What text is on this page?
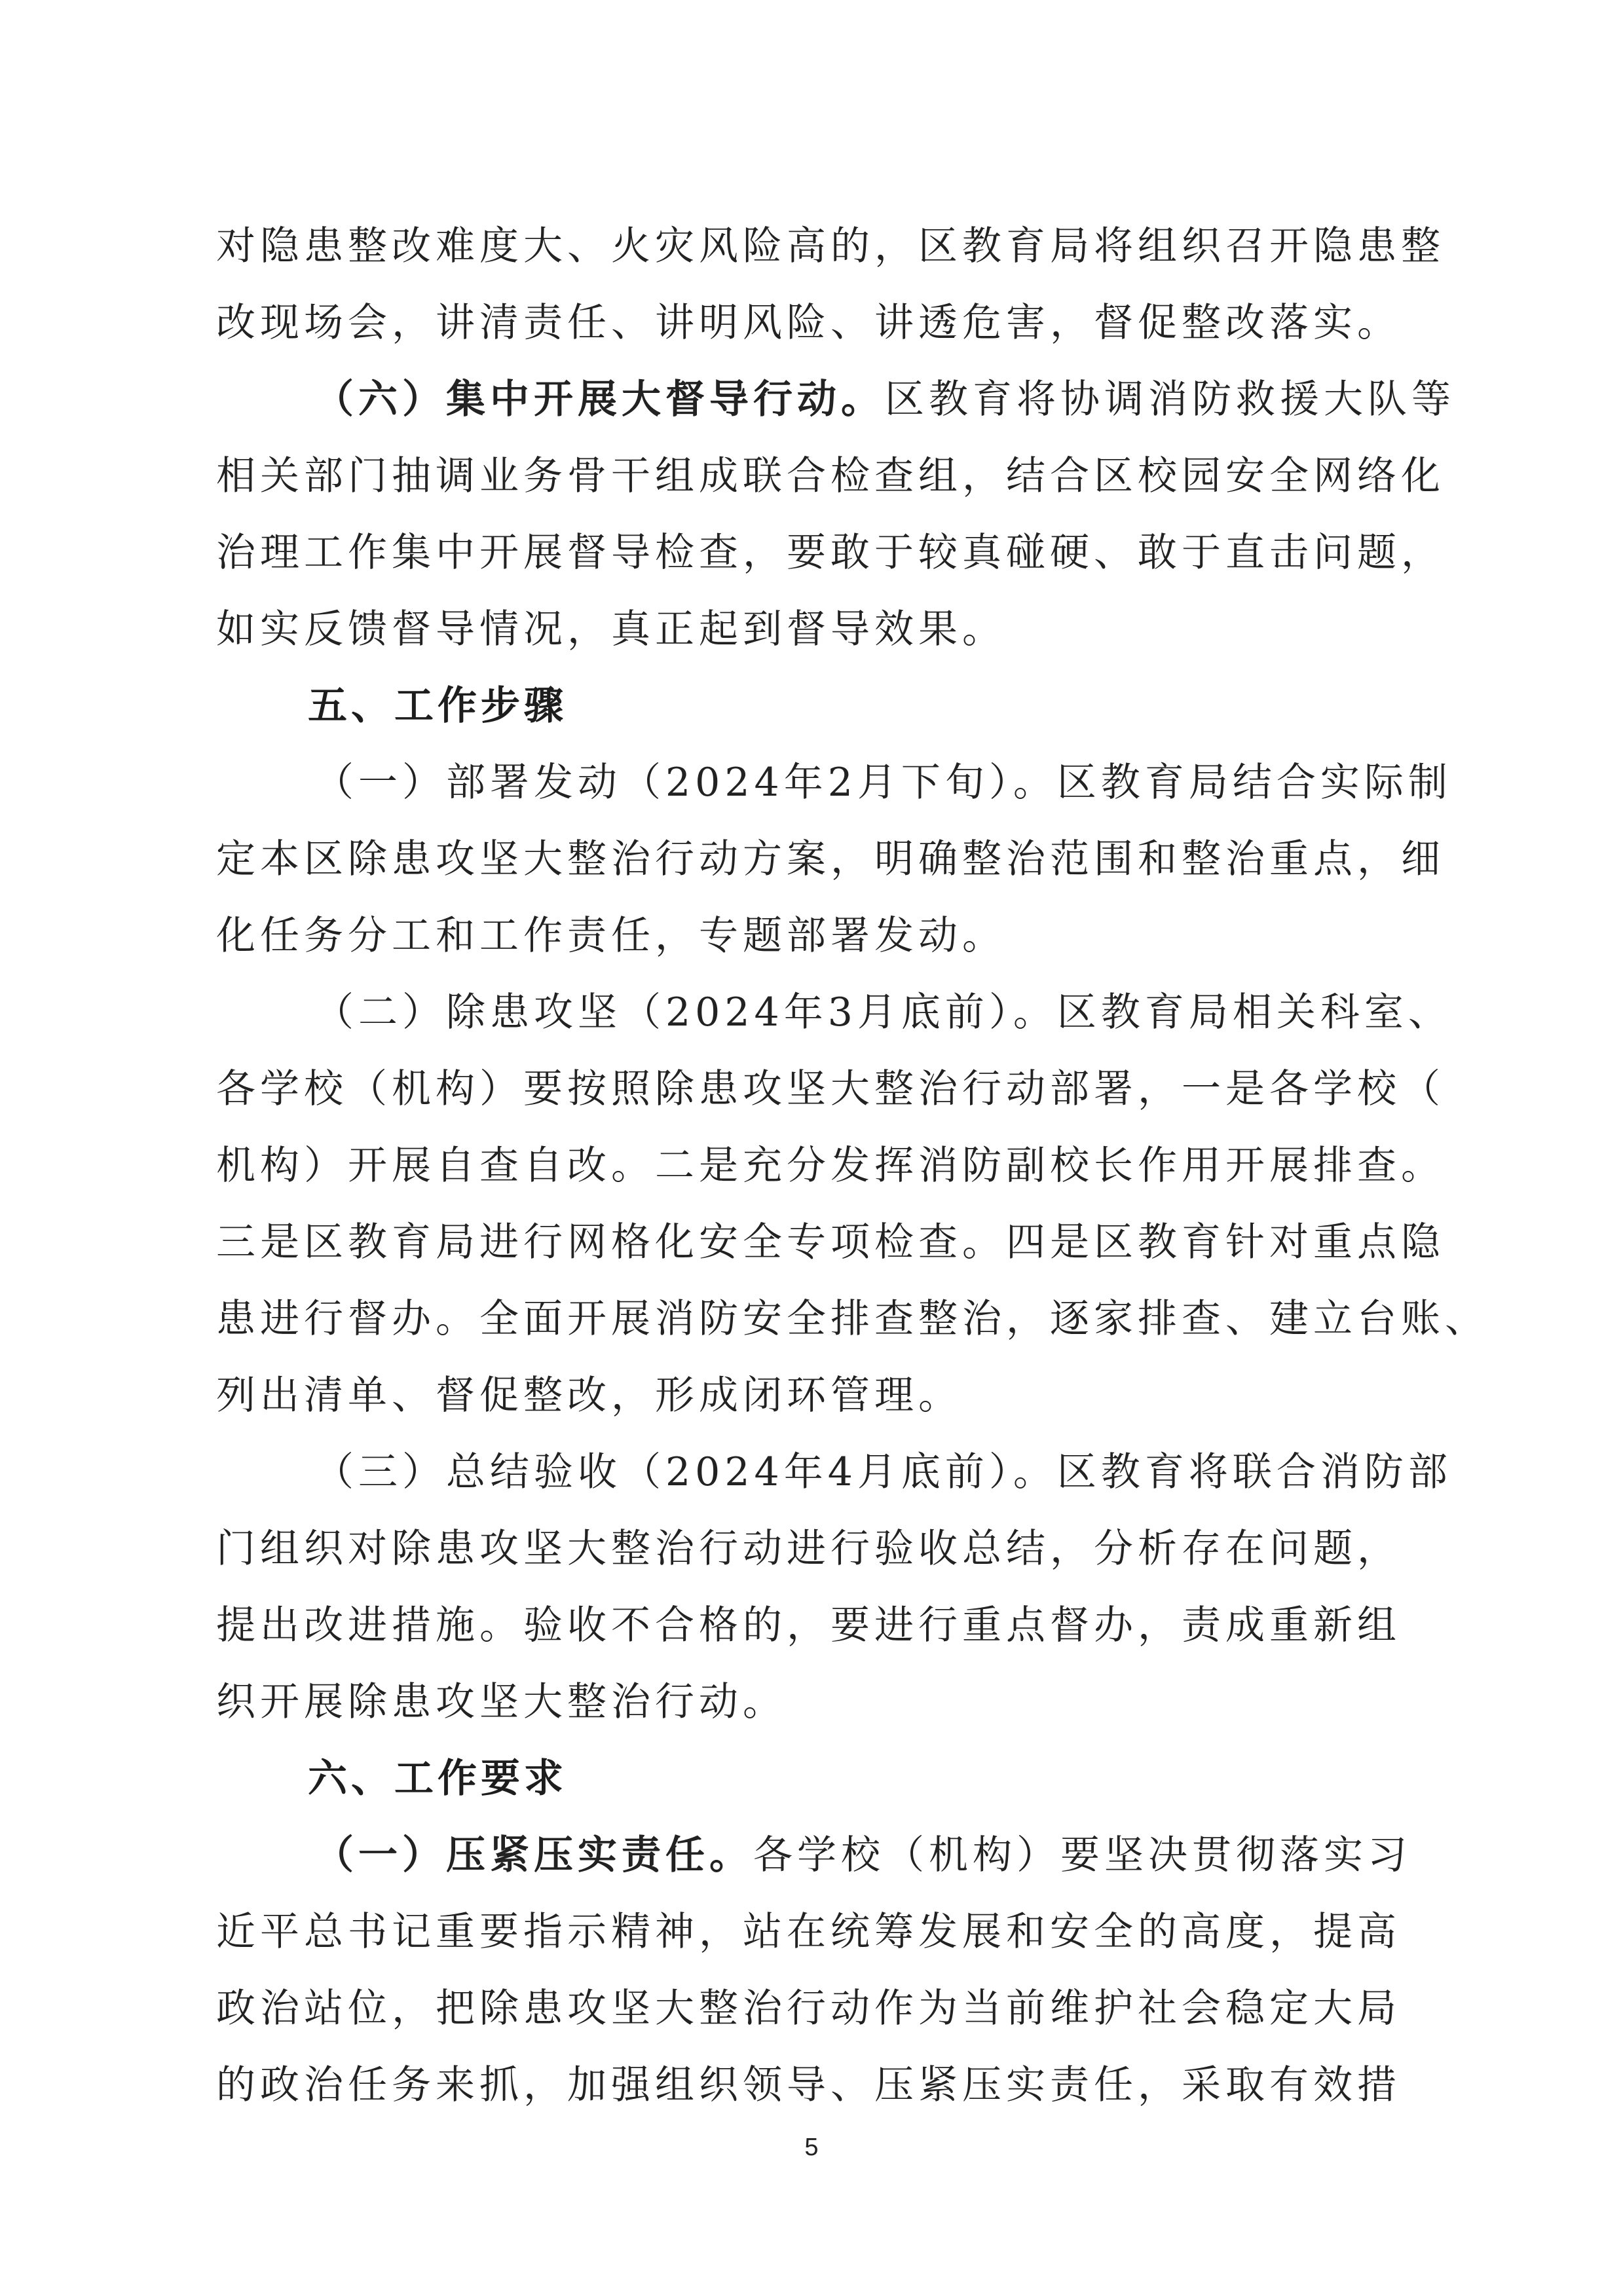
对隐患整改难度大、火灾风险高的，区教育局将组织召开隐患整
改现场会，讲清责任、讲明风险、讲透危害，督促整改落实。
（六）集中开展大督导行动。区教育将协调消防救援大队等
相关部门抽调业务骨干组成联合检查组，结合区校园安全网络化
治理工作集中开展督导检查，要敢于较真碰硬、敢于直击问题，
如实反馈督导情况，真正起到督导效果。
五、工作步骤
（一）部署发动（2024年2月下旬）。区教育局结合实际制
定本区除患攻坚大整治行动方案，明确整治范围和整治重点，细
化任务分工和工作责任，专题部署发动。
（二）除患攻坚（2024年3月底前）。区教育局相关科室、
各学校（机构）要按照除患攻坚大整治行动部署，一是各学校（
机构）开展自查自改。二是充分发挥消防副校长作用开展排查。
三是区教育局进行网格化安全专项检查。四是区教育针对重点隐
患进行督办。全面开展消防安全排查整治，逐家排查、建立台账、
列出清单、督促整改，形成闭环管理。
（三）总结验收（2024年4月底前）。区教育将联合消防部
门组织对除患攻坚大整治行动进行验收总结，分析存在问题，
提出改进措施。验收不合格的，要进行重点督办，责成重新组
织开展除患攻坚大整治行动。
六、工作要求
（一）压紧压实责任。各学校（机构）要坚决贯彻落实习
近平总书记重要指示精神，站在统筹发展和安全的高度，提高
政治站位，把除患攻坚大整治行动作为当前维护社会稳定大局
的政治任务来抓，加强组织领导、压紧压实责任，采取有效措
5
